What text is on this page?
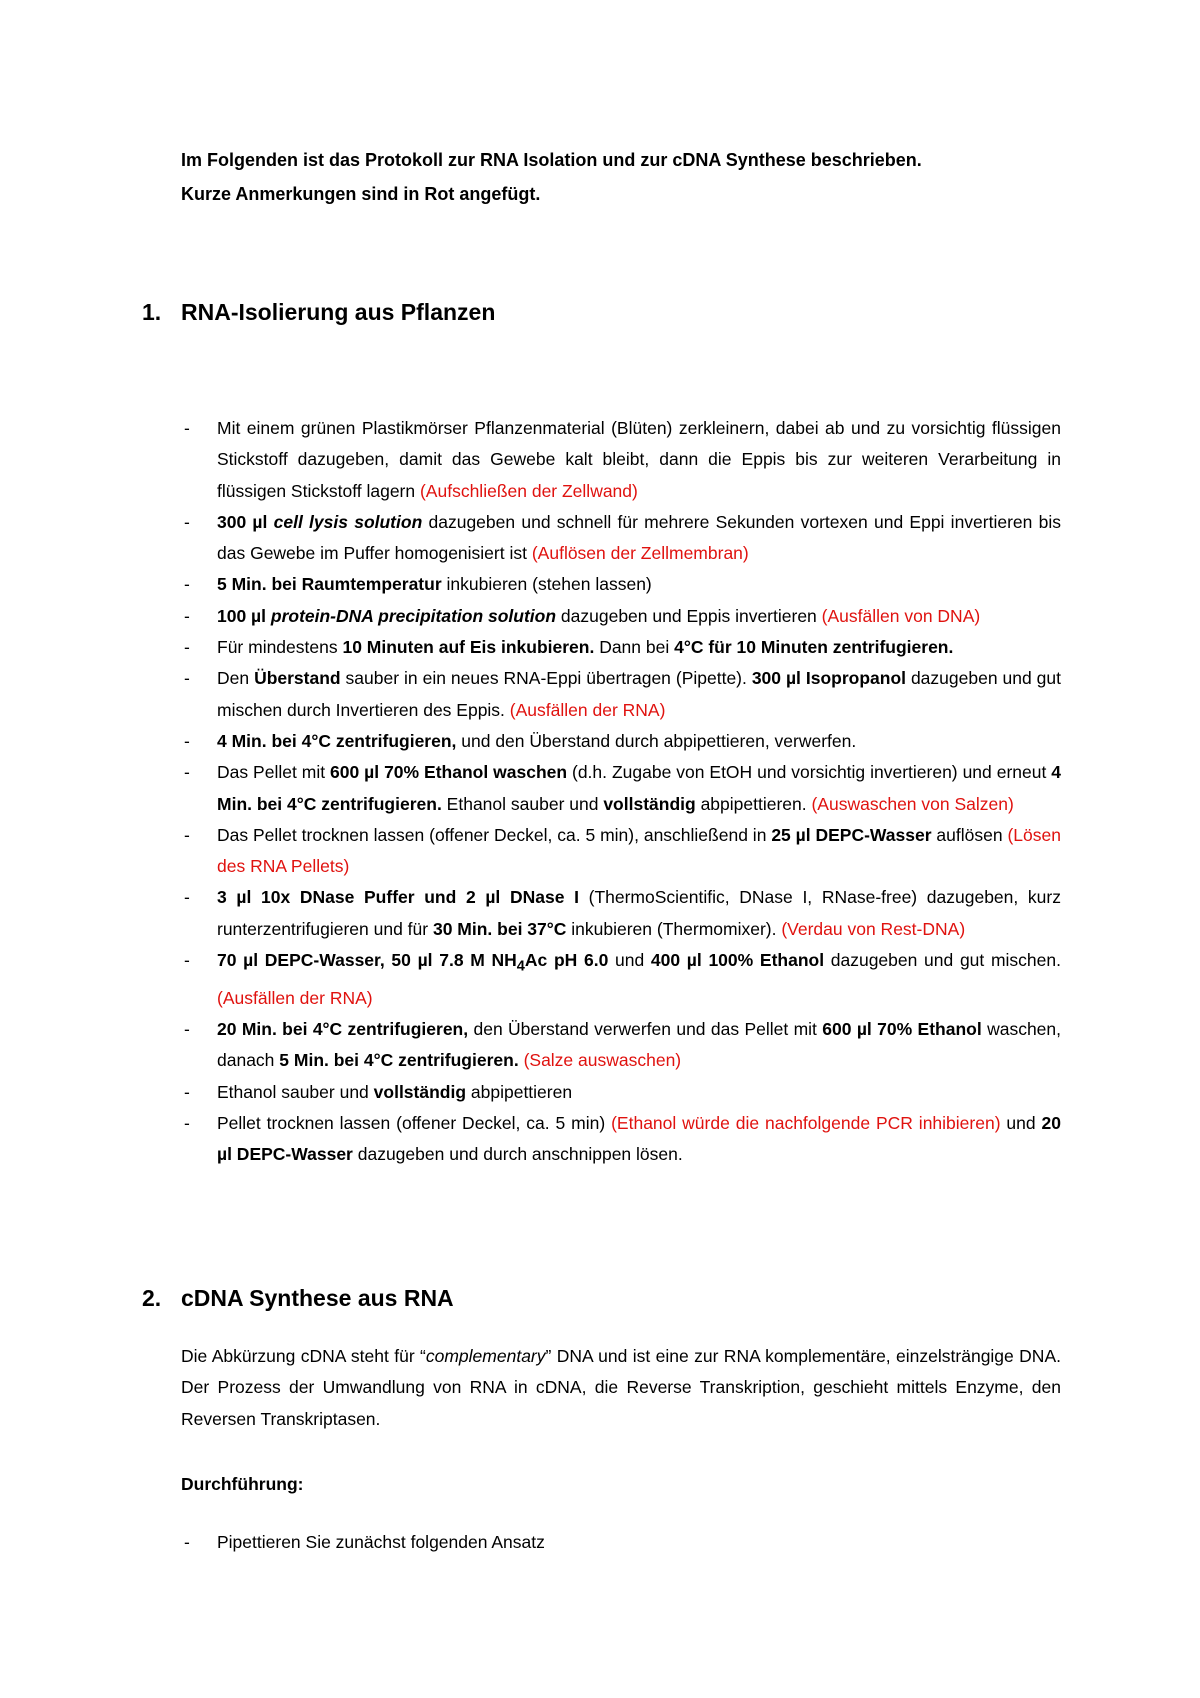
Im Folgenden ist das Protokoll zur RNA Isolation und zur cDNA Synthese beschrieben.
Kurze Anmerkungen sind in Rot angefügt.
1. RNA-Isolierung aus Pflanzen
- Mit einem grünen Plastikmörser Pflanzenmaterial (Blüten) zerkleinern, dabei ab und zu vorsichtig flüssigen Stickstoff dazugeben, damit das Gewebe kalt bleibt, dann die Eppis bis zur weiteren Verarbeitung in flüssigen Stickstoff lagern (Aufschließen der Zellwand)
- 300 µl cell lysis solution dazugeben und schnell für mehrere Sekunden vortexen und Eppi invertieren bis das Gewebe im Puffer homogenisiert ist (Auflösen der Zellmembran)
- 5 Min. bei Raumtemperatur inkubieren (stehen lassen)
- 100 µl protein-DNA precipitation solution dazugeben und Eppis invertieren (Ausfällen von DNA)
- Für mindestens 10 Minuten auf Eis inkubieren. Dann bei 4°C für 10 Minuten zentrifugieren.
- Den Überstand sauber in ein neues RNA-Eppi übertragen (Pipette). 300 µl Isopropanol dazugeben und gut mischen durch Invertieren des Eppis. (Ausfällen der RNA)
- 4 Min. bei 4°C zentrifugieren, und den Überstand durch abpipettieren, verwerfen.
- Das Pellet mit 600 µl 70% Ethanol waschen (d.h. Zugabe von EtOH und vorsichtig invertieren) und erneut 4 Min. bei 4°C zentrifugieren. Ethanol sauber und vollständig abpipettieren. (Auswaschen von Salzen)
- Das Pellet trocknen lassen (offener Deckel, ca. 5 min), anschließend in 25 µl DEPC-Wasser auflösen (Lösen des RNA Pellets)
- 3 µl 10x DNase Puffer und 2 µl DNase I (ThermoScientific, DNase I, RNase-free) dazugeben, kurz runterzentrifugieren und für 30 Min. bei 37°C inkubieren (Thermomixer). (Verdau von Rest-DNA)
- 70 µl DEPC-Wasser, 50 µl 7.8 M $NH_4Ac$ pH 6.0 und 400 µl 100% Ethanol dazugeben und gut mischen. (Ausfällen der RNA)
- 20 Min. bei 4°C zentrifugieren, den Überstand verwerfen und das Pellet mit 600 µl 70% Ethanol waschen, danach 5 Min. bei 4°C zentrifugieren. (Salze auswaschen)
- Ethanol sauber und vollständig abpipettieren
- Pellet trocknen lassen (offener Deckel, ca. 5 min) (Ethanol würde die nachfolgende PCR inhibieren) und 20 µl DEPC-Wasser dazugeben und durch anschnippen lösen.
2. cDNA Synthese aus RNA
Die Abkürzung cDNA steht für “complementary” DNA und ist eine zur RNA komplementäre, einzelsträngige DNA. Der Prozess der Umwandlung von RNA in cDNA, die Reverse Transkription, geschieht mittels Enzyme, den Reversen Transkriptasen.
Durchführung:
- Pipettieren Sie zunächst folgenden Ansatz
